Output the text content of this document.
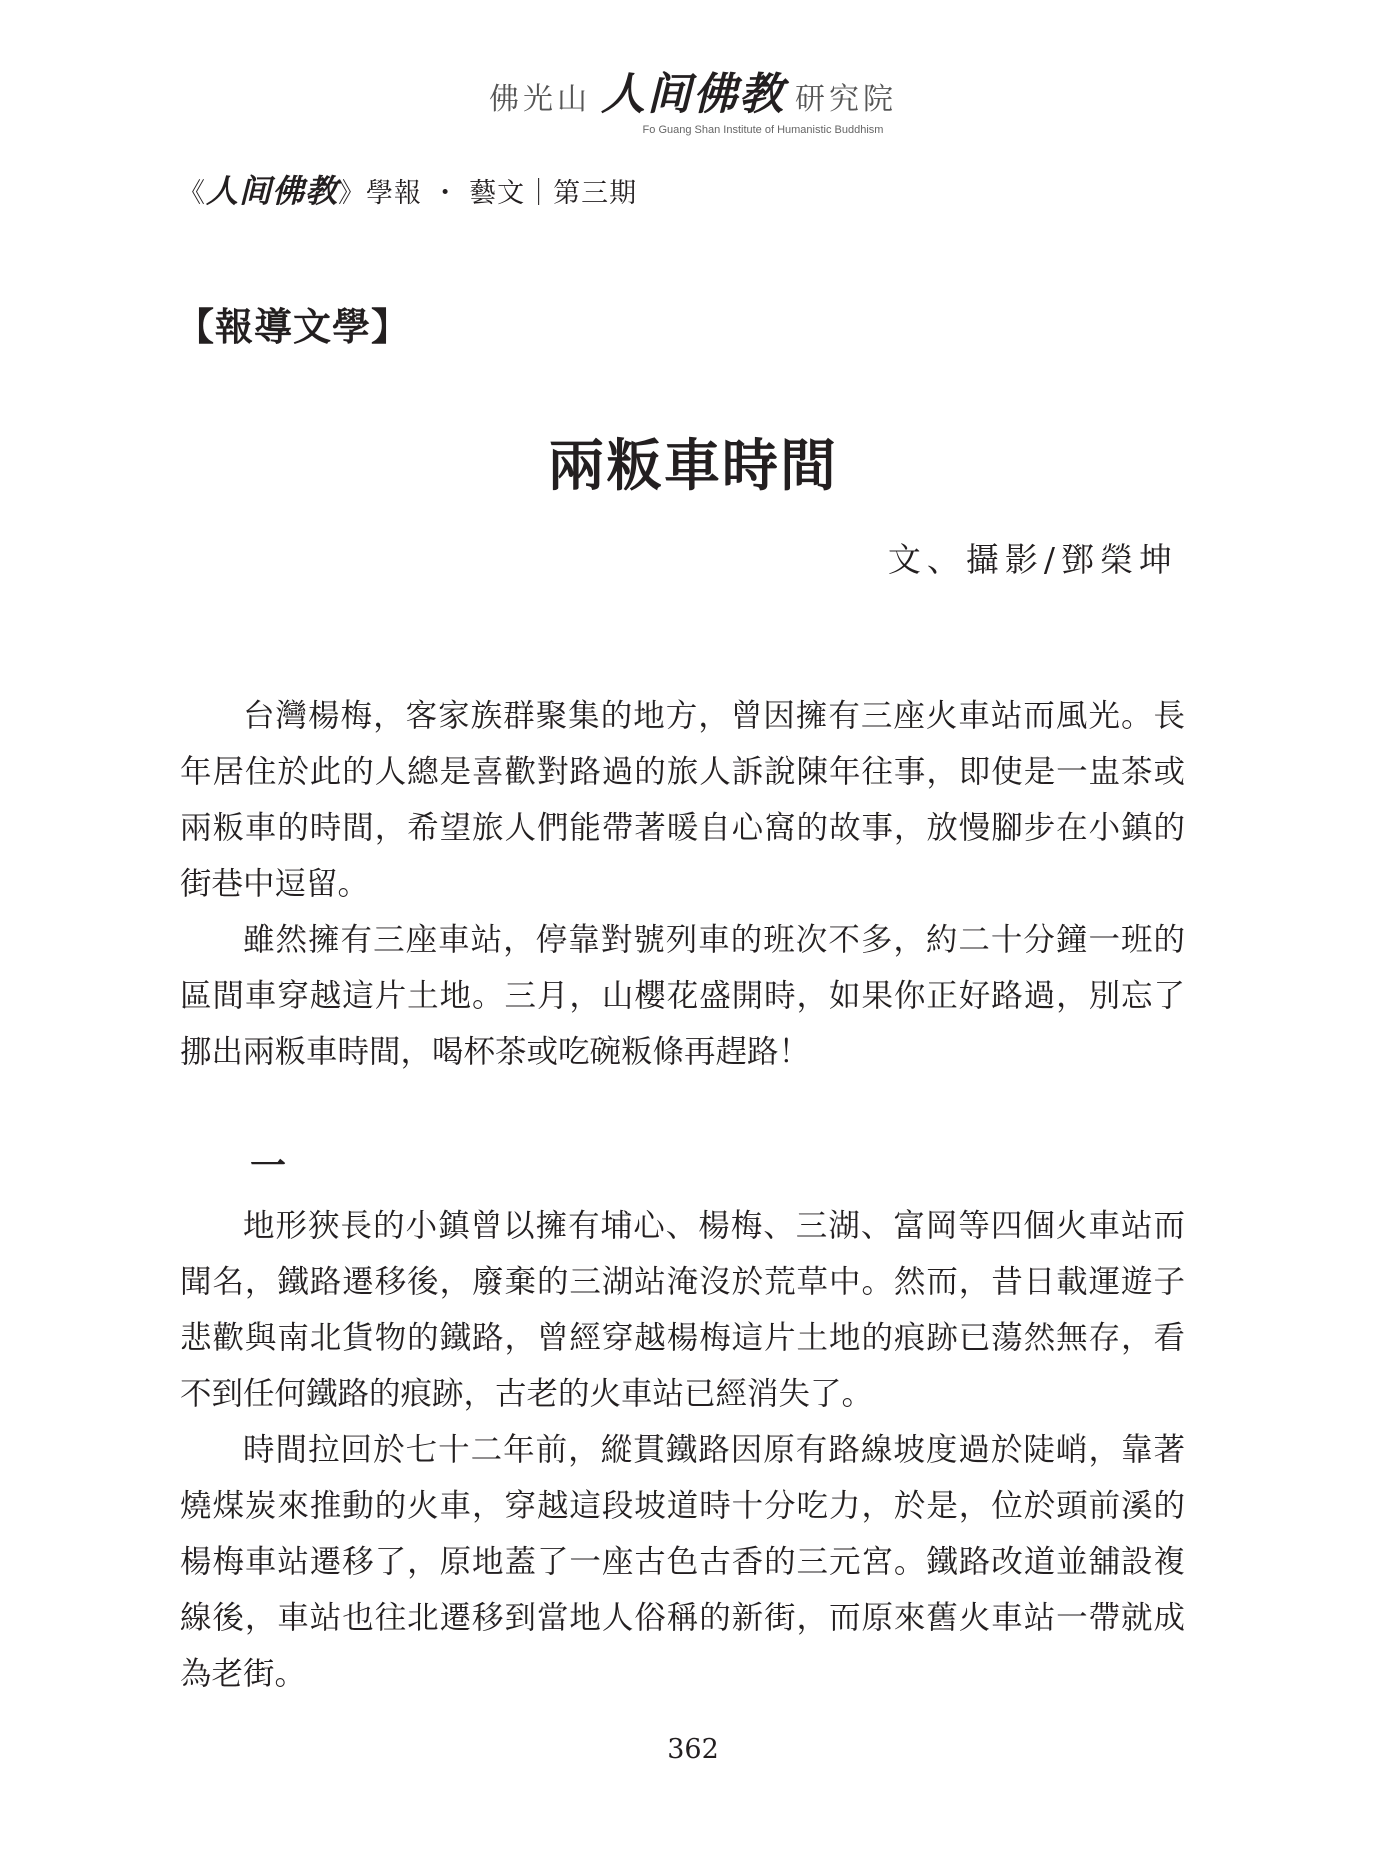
佛光山 人间佛教 研究院
Fo Guang Shan Institute of Humanistic Buddhism
《 人间佛教 》 學報 ・ 藝文｜第三期
【報導文學】
兩粄車時間
文、攝影/鄧榮坤

台灣楊梅，客家族群聚集的地方，曾因擁有三座火車站而風光。長年居住於此的人總是喜歡對路過的旅人訴說陳年往事，即使是一盅茶或兩粄車的時間，希望旅人們能帶著暖自心窩的故事，放慢腳步在小鎮的街巷中逗留。

雖然擁有三座車站，停靠對號列車的班次不多，約二十分鐘一班的區間車穿越這片土地。三月，山櫻花盛開時，如果你正好路過，別忘了挪出兩粄車時間，喝杯茶或吃碗粄條再趕路！

一

地形狹長的小鎮曾以擁有埔心、楊梅、三湖、富岡等四個火車站而聞名，鐵路遷移後，廢棄的三湖站淹沒於荒草中。然而，昔日載運遊子悲歡與南北貨物的鐵路，曾經穿越楊梅這片土地的痕跡已蕩然無存，看不到任何鐵路的痕跡，古老的火車站已經消失了。

時間拉回於七十二年前，縱貫鐵路因原有路線坡度過於陡峭，靠著燒煤炭來推動的火車，穿越這段坡道時十分吃力，於是，位於頭前溪的楊梅車站遷移了，原地蓋了一座古色古香的三元宮。鐵路改道並舖設複線後，車站也往北遷移到當地人俗稱的新街，而原來舊火車站一帶就成為老街。

362
